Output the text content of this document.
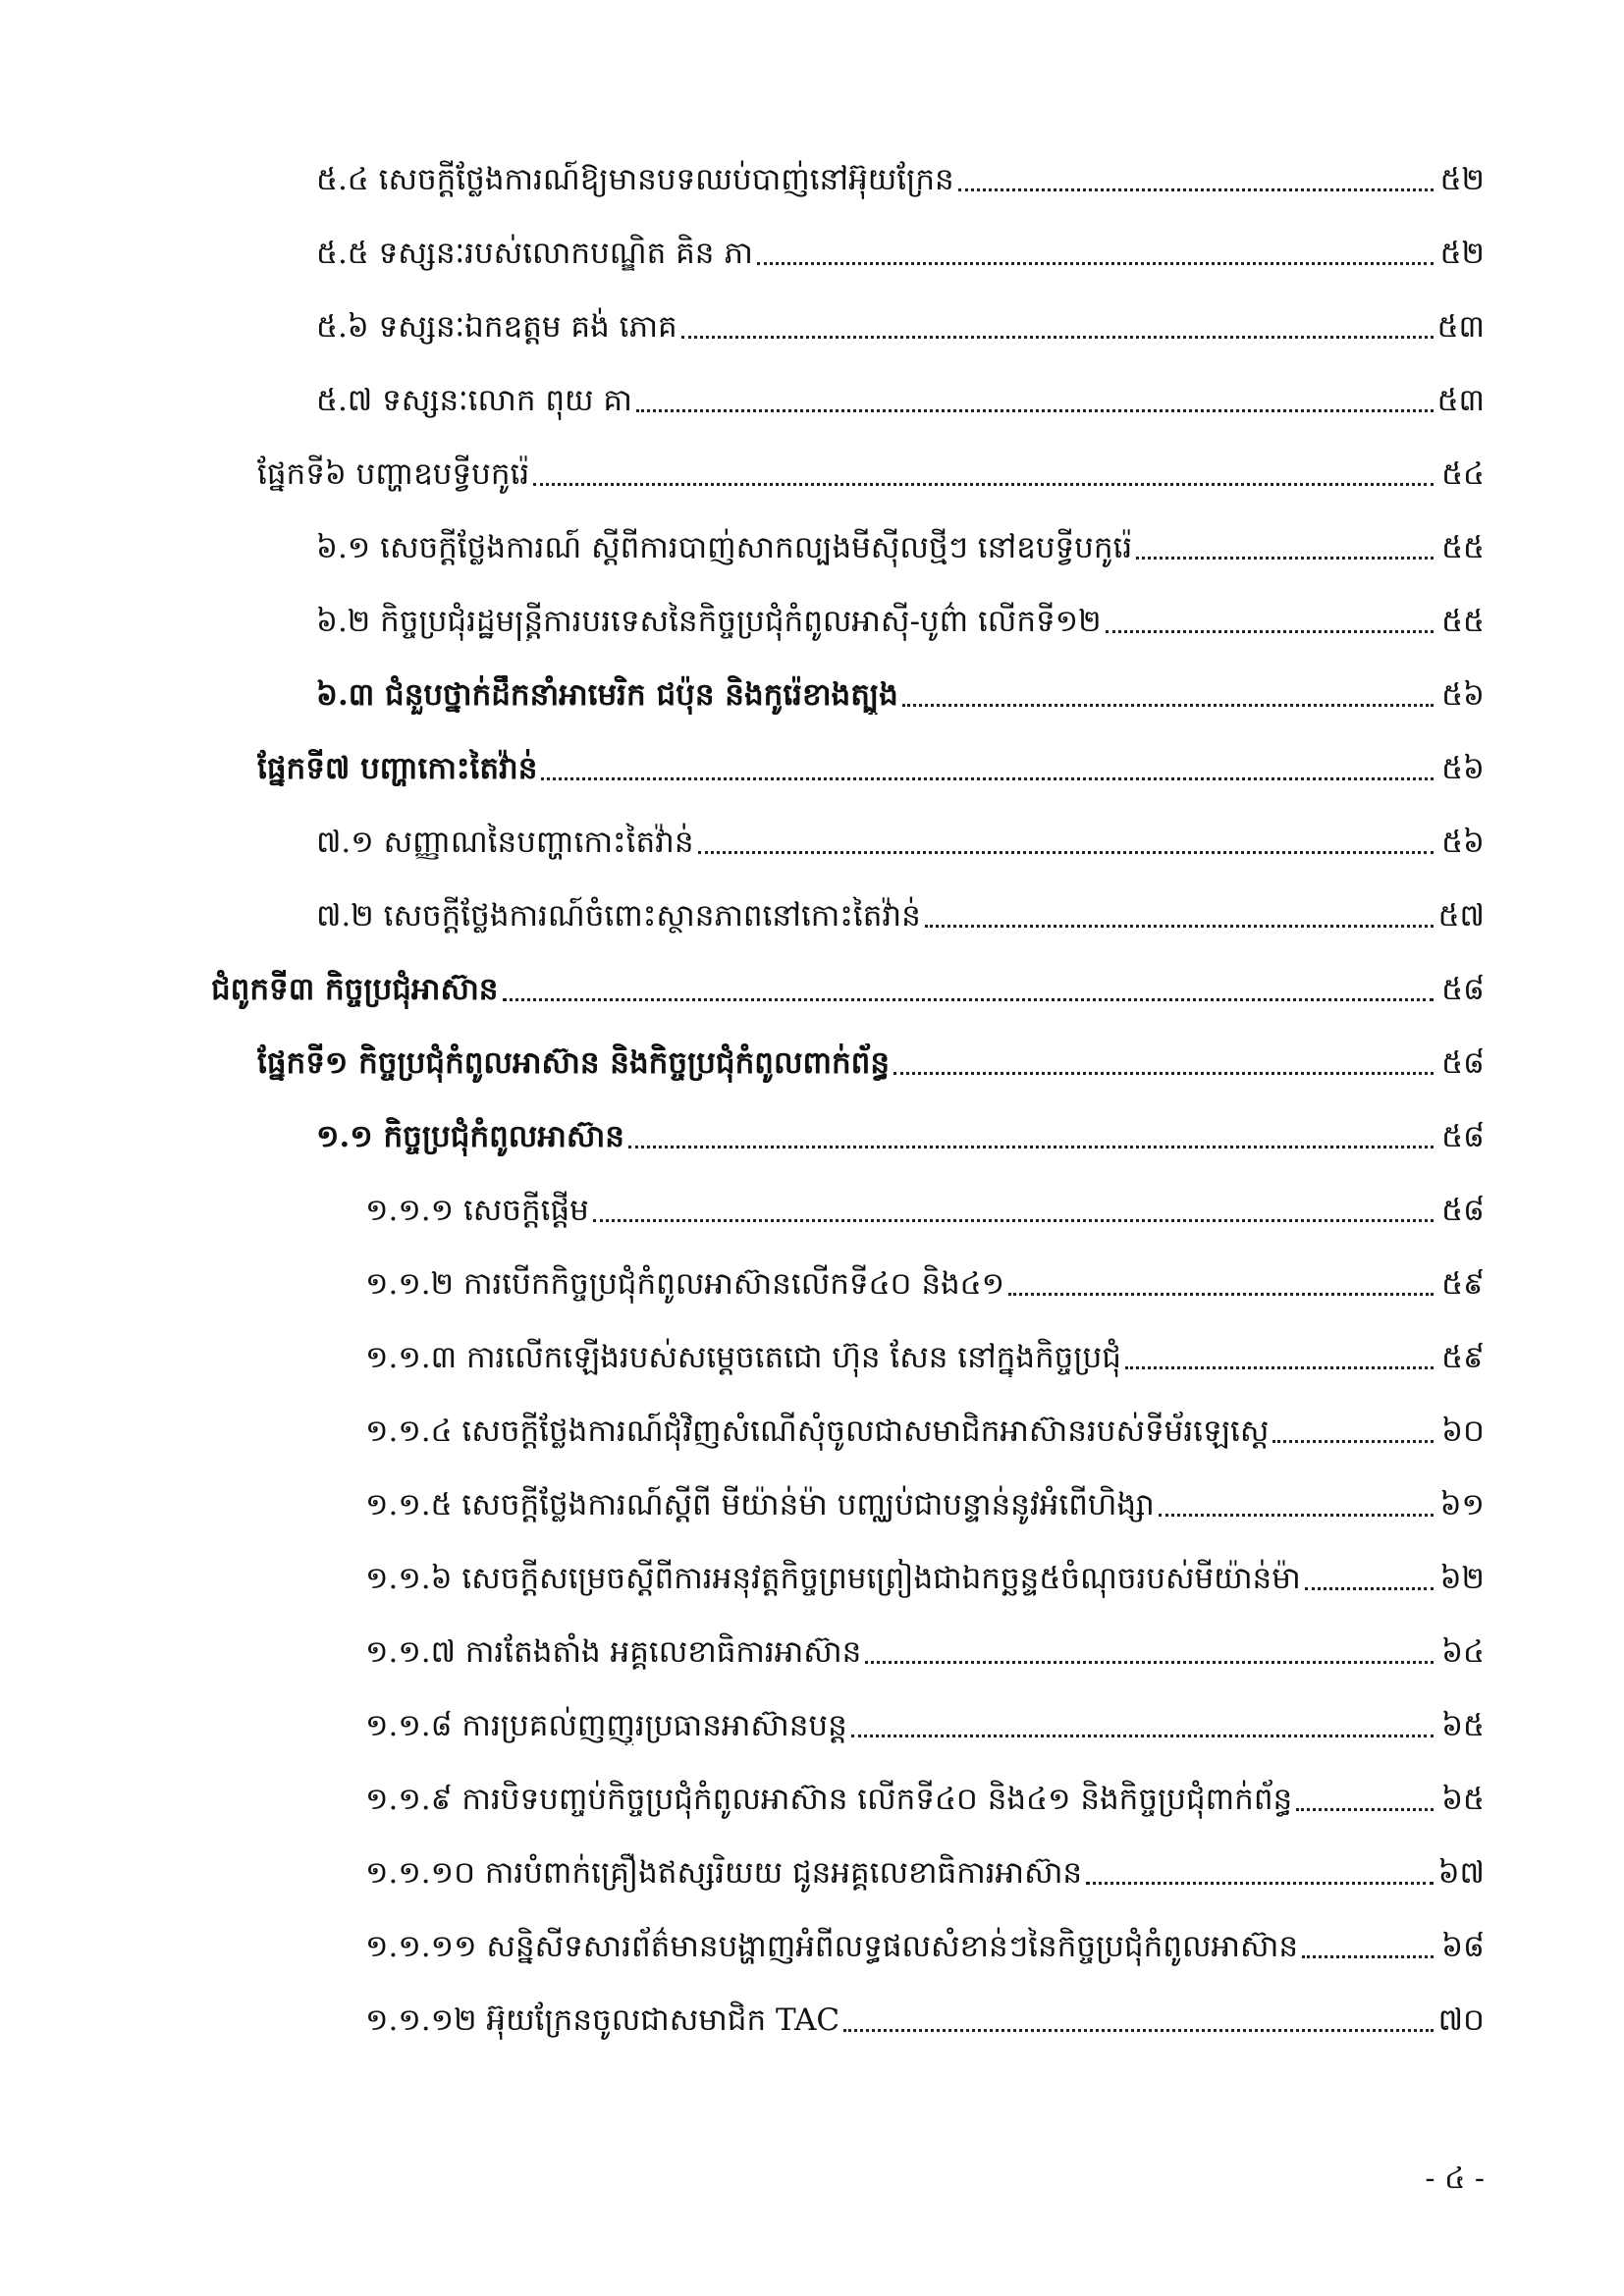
៥.៤ សេចក្តីថ្លែងការណ៍ឱ្យមានបទឈប់បាញ់នៅអ៊ុយក្រែន	៥២
៥.៥ ទស្សនៈរបស់លោកបណ្ឌិត គិន ភា	៥២
៥.៦ ទស្សនៈឯកឧត្តម គង់ ភោគ	៥៣
៥.៧ ទស្សនៈលោក ពុយ គា	៥៣
ផ្នែកទី៦ បញ្ហាឧបទ្វីបកូរ៉េ	៥៤
៦.១ សេចក្តីថ្លែងការណ៍ ស្តីពីការបាញ់សាកល្បងមីស៊ីលថ្មីៗ នៅឧបទ្វីបកូរ៉េ	៥៥
៦.២ កិច្ចប្រជុំរដ្ឋមន្ត្រីការបរទេសនៃកិច្ចប្រជុំកំពូលអាស៊ី-បូព៌ា លើកទី១២	៥៥
៦.៣ ជំនួបថ្នាក់ដឹកនាំអាមេរិក ជប៉ុន និងកូរ៉េខាងត្បូង	៥៦
ផ្នែកទី៧ បញ្ហាកោះតៃវ៉ាន់	៥៦
៧.១ សញ្ញាណនៃបញ្ហាកោះតៃវ៉ាន់	៥៦
៧.២ សេចក្តីថ្លែងការណ៍ចំពោះស្ថានភាពនៅកោះតៃវ៉ាន់	៥៧
ជំពូកទី៣ កិច្ចប្រជុំអាស៊ាន	៥៨
ផ្នែកទី១ កិច្ចប្រជុំកំពូលអាស៊ាន និងកិច្ចប្រជុំកំពូលពាក់ព័ន្ធ	៥៨
១.១ កិច្ចប្រជុំកំពូលអាស៊ាន	៥៨
១.១.១ សេចក្តីផ្តើម	៥៨
១.១.២ ការបើកកិច្ចប្រជុំកំពូលអាស៊ានលើកទី៤០ និង៤១	៥៩
១.១.៣ ការលើកឡើងរបស់សម្តេចតេជោ ហ៊ុន សែន នៅក្នុងកិច្ចប្រជុំ	៥៩
១.១.៤ សេចក្តីថ្លែងការណ៍ជុំវិញសំណើសុំចូលជាសមាជិកអាស៊ានរបស់ទីម័រឡេស្តេ	៦០
១.១.៥ សេចក្តីថ្លែងការណ៍ស្តីពី មីយ៉ាន់ម៉ា បញ្ឈប់ជាបន្ទាន់នូវអំពើហិង្សា	៦១
១.១.៦ សេចក្តីសម្រេចស្តីពីការអនុវត្តកិច្ចព្រមព្រៀងជាឯកច្ឆន្ទ៥ចំណុចរបស់មីយ៉ាន់ម៉ា	៦២
១.១.៧ ការតែងតាំង អគ្គលេខាធិការអាស៊ាន	៦៤
១.១.៨ ការប្រគល់ញញួរប្រធានអាស៊ានបន្ត	៦៥
១.១.៩ ការបិទបញ្ចប់កិច្ចប្រជុំកំពូលអាស៊ាន លើកទី៤០ និង៤១ និងកិច្ចប្រជុំពាក់ព័ន្ធ	៦៥
១.១.១០ ការបំពាក់គ្រឿងឥស្សរិយយ ជូនអគ្គលេខាធិការអាស៊ាន	៦៧
១.១.១១ សន្និសីទសារព័ត៌មានបង្ហាញអំពីលទ្ធផលសំខាន់ៗនៃកិច្ចប្រជុំកំពូលអាស៊ាន	៦៨
១.១.១២ អ៊ុយក្រែនចូលជាសមាជិក TAC	៧០
- ៤ -
